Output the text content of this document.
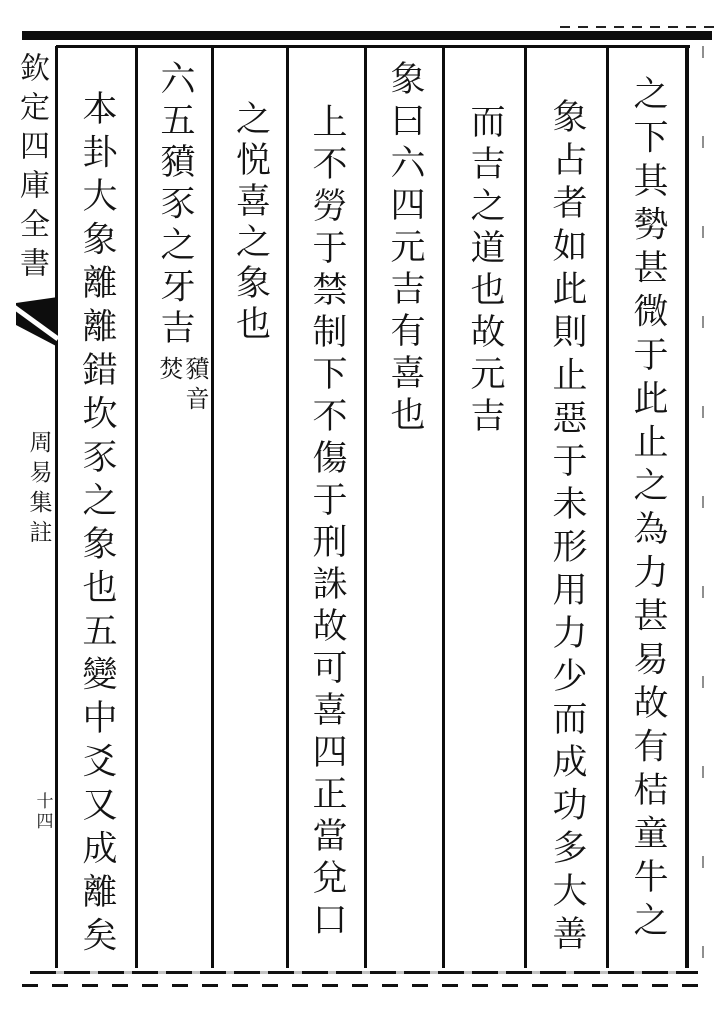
之下其勢甚微于此止之為力甚易故有桔童牛之
象占者如此則止惡于未形用力少而成功多大善
而吉之道也故元吉
象曰六四元吉有喜也
上不勞于禁制下不傷于刑誅故可喜四正當兌口
之悦喜之象也
六五豶豕之牙吉
豶音
焚
本卦大象離離錯坎豕之象也五變中爻又成離矣
欽定四庫全書
周易集註
十四
